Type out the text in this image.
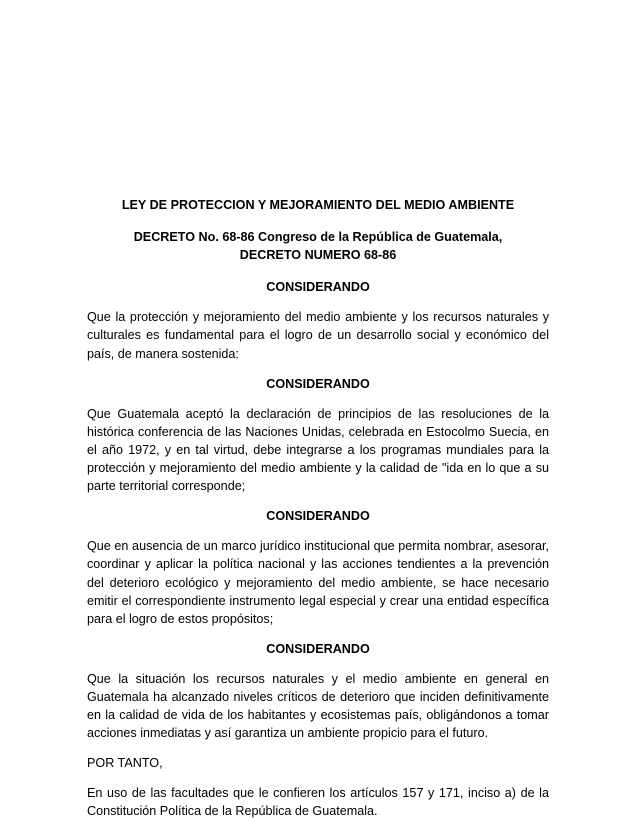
LEY DE PROTECCION Y MEJORAMIENTO DEL MEDIO AMBIENTE
DECRETO No. 68-86 Congreso de la República de Guatemala, DECRETO NUMERO 68-86
CONSIDERANDO
Que la protección y mejoramiento del medio ambiente y los recursos naturales y culturales es fundamental para el logro de un desarrollo social y económico del país, de manera sostenida:
CONSIDERANDO
Que Guatemala aceptó la declaración de principios de las resoluciones de la histórica conferencia de las Naciones Unidas, celebrada en Estocolmo Suecia, en el año 1972, y en tal virtud, debe integrarse a los programas mundiales para la protección y mejoramiento del medio ambiente y la calidad de "ida en lo que a su parte territorial corresponde;
CONSIDERANDO
Que en ausencia de un marco jurídico institucional que permita nombrar, asesorar, coordinar y aplicar la política nacional y las acciones tendientes a la prevención del deterioro ecológico y mejoramiento del medio ambiente, se hace necesario emitir el correspondiente instrumento legal especial y crear una entidad específica para el logro de estos propósitos;
CONSIDERANDO
Que la situación los recursos naturales y el medio ambiente en general en Guatemala ha alcanzado niveles críticos de deterioro que inciden definitivamente en la calidad de vida de los habitantes y ecosistemas país, obligándonos a tomar acciones inmediatas y así garantiza un ambiente propicio para el futuro.
POR TANTO,
En uso de las facultades que le confieren los artículos 157 y 171, inciso a) de la Constitución Política de la República de Guatemala.
